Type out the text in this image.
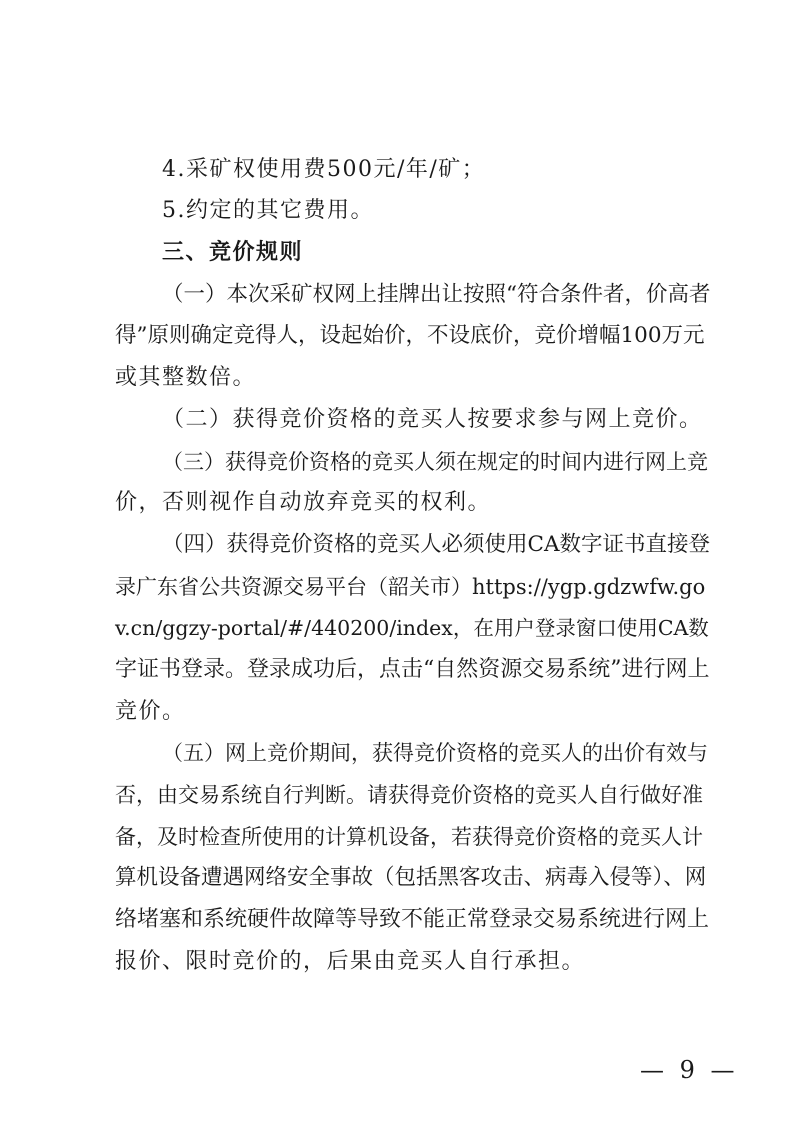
4.采矿权使用费500元/年/矿；
5.约定的其它费用。
三、竞价规则
（一）本次采矿权网上挂牌出让按照“符合条件者，价高者
得”原则确定竞得人，设起始价，不设底价，竞价增幅100万元
或其整数倍。
（二）获得竞价资格的竞买人按要求参与网上竞价。
（三）获得竞价资格的竞买人须在规定的时间内进行网上竞
价，否则视作自动放弃竞买的权利。
（四）获得竞价资格的竞买人必须使用CA数字证书直接登
录广东省公共资源交易平台（韶关市）https://ygp.gdzwfw.go
v.cn/ggzy-portal/#/440200/index，在用户登录窗口使用CA数
字证书登录。登录成功后，点击“自然资源交易系统”进行网上
竞价。
（五）网上竞价期间，获得竞价资格的竞买人的出价有效与
否，由交易系统自行判断。请获得竞价资格的竞买人自行做好准
备，及时检查所使用的计算机设备，若获得竞价资格的竞买人计
算机设备遭遇网络安全事故（包括黑客攻击、病毒入侵等）、网
络堵塞和系统硬件故障等导致不能正常登录交易系统进行网上
报价、限时竞价的，后果由竞买人自行承担。
— 9 —
